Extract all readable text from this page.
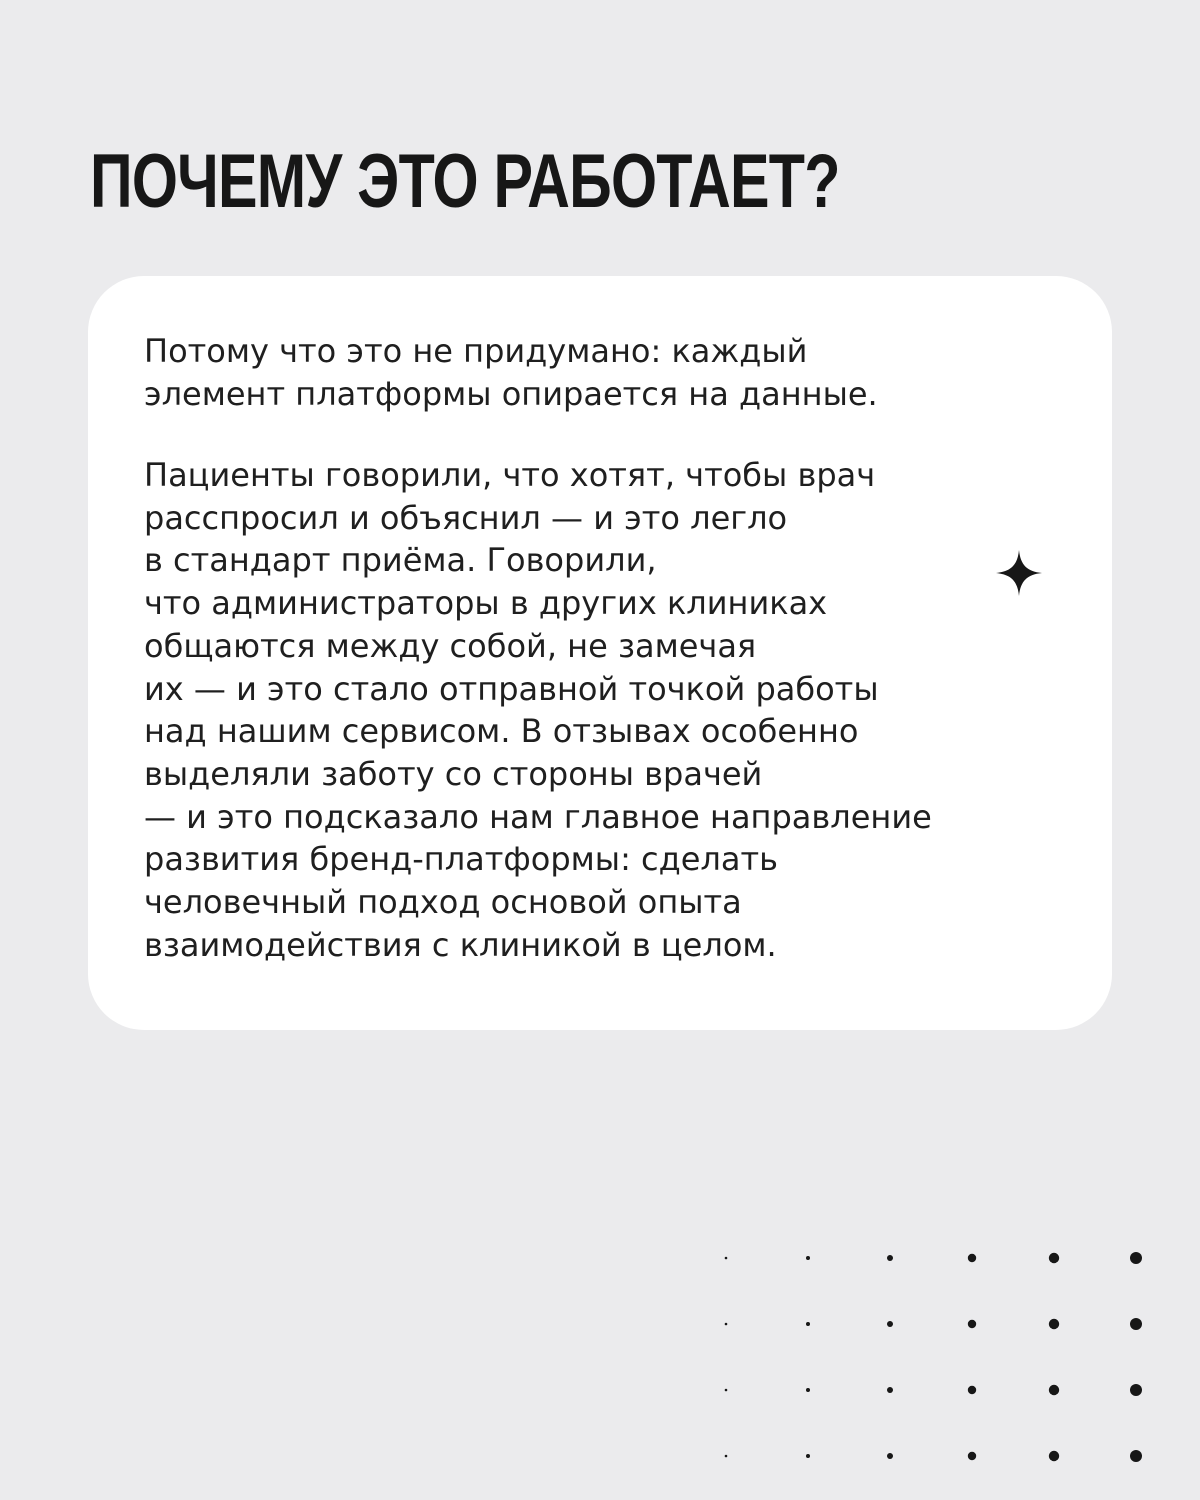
ПОЧЕМУ ЭТО РАБОТАЕТ?

Потому что это не придумано: каждый
элемент платформы опирается на данные.

Пациенты говорили, что хотят, чтобы врач
расспросил и объяснил — и это легло
в стандарт приёма. Говорили,
что администраторы в других клиниках
общаются между собой, не замечая
их — и это стало отправной точкой работы
над нашим сервисом. В отзывах особенно
выделяли заботу со стороны врачей
— и это подсказало нам главное направление
развития бренд-платформы: сделать
человечный подход основой опыта
взаимодействия с клиникой в целом.
